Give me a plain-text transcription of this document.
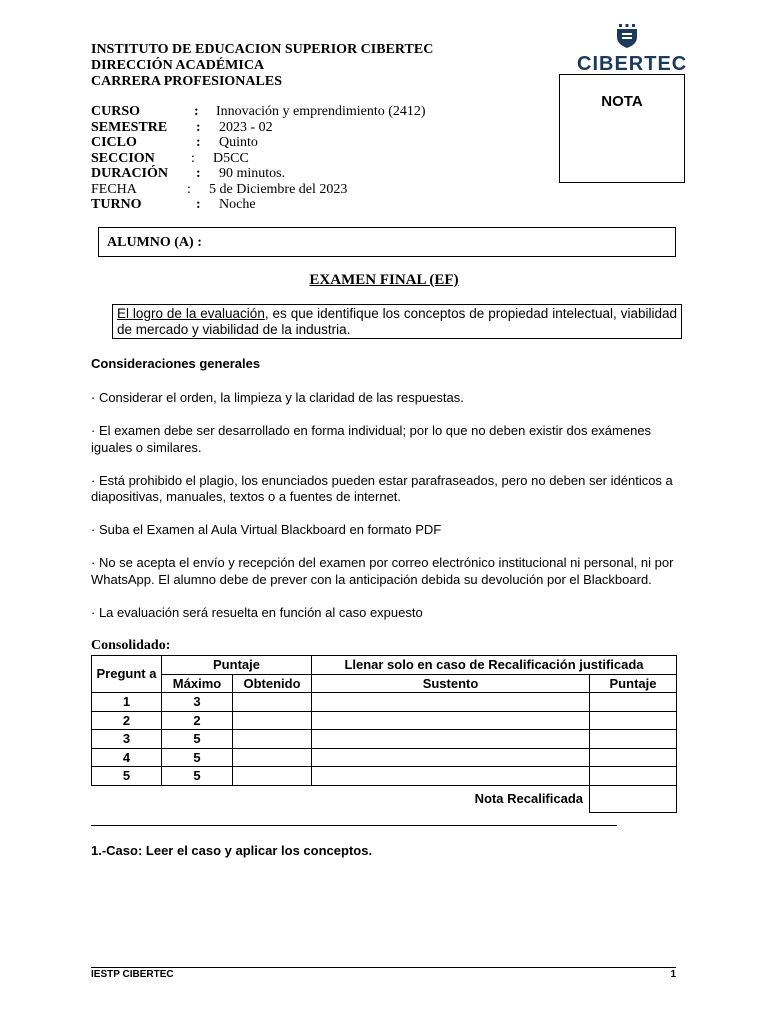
INSTITUTO DE EDUCACION SUPERIOR CIBERTEC
DIRECCIÓN ACADÉMICA
CARRERA PROFESIONALES
CIBERTEC
NOTA
CURSO	: Innovación y emprendimiento (2412)
SEMESTRE : 2023 - 02
CICLO	: Quinto
SECCION	: D5CC
DURACIÓN : 90 minutos.
FECHA	: 5 de Diciembre del 2023
TURNO	: Noche
ALUMNO (A) :
EXAMEN FINAL (EF)
El logro de la evaluación, es que identifique los conceptos de propiedad intelectual, viabilidad de mercado y viabilidad de la industria.
Consideraciones generales

· Considerar el orden, la limpieza y la claridad de las respuestas.

· El examen debe ser desarrollado en forma individual; por lo que no deben existir dos exámenes iguales o similares.

· Está prohibido el plagio, los enunciados pueden estar parafraseados, pero no deben ser idénticos a diapositivas, manuales, textos o a fuentes de internet.

· Suba el Examen al Aula Virtual Blackboard en formato PDF

· No se acepta el envío y recepción del examen por correo electrónico institucional ni personal, ni por WhatsApp. El alumno debe de prever con la anticipación debida su devolución por el Blackboard.

· La evaluación será resuelta en función al caso expuesto

Consolidado:
Pregunt a	Puntaje		Llenar solo en caso de Recalificación justificada	
	Máximo	Obtenido	Sustento	Puntaje
1	3			
2	2			
3	5			
4	5			
5	5			
			Nota Recalificada	
1.-Caso: Leer el caso y aplicar los conceptos.
IESTP CIBERTEC	1
